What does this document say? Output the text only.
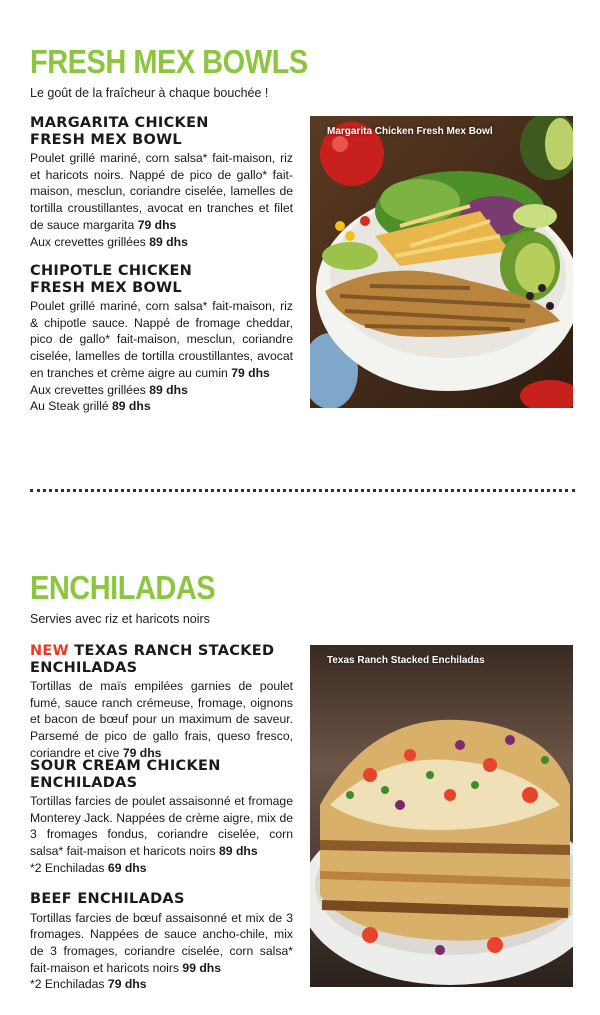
FRESH MEX BOWLS
Le goût de la fraîcheur à chaque bouchée !
MARGARITA CHICKEN
FRESH MEX BOWL

Poulet grillé mariné, corn salsa* fait-maison, riz et haricots noirs. Nappé de pico de gallo* fait-maison, mesclun, coriandre ciselée, lamelles de tortilla croustillantes, avocat en tranches et filet de sauce margarita 79 dhs

Aux crevettes grillées 89 dhs
CHIPOTLE CHICKEN
FRESH MEX BOWL

Poulet grillé mariné, corn salsa* fait-maison, riz & chipotle sauce. Nappé de fromage cheddar, pico de gallo* fait-maison, mesclun, coriandre ciselée, lamelles de tortilla croustillantes, avocat en tranches et crème aigre au cumin 79 dhs

Aux crevettes grillées 89 dhs
Au Steak grillé 89 dhs
Margarita Chicken Fresh Mex Bowl
ENCHILADAS
Servies avec riz et haricots noirs
NEW TEXAS RANCH STACKED
ENCHILADAS

Tortillas de maïs empilées garnies de poulet fumé, sauce ranch crémeuse, fromage, oignons et bacon de bœuf pour un maximum de saveur. Parsemé de pico de gallo frais, queso fresco, coriandre et cive 79 dhs

SOUR CREAM CHICKEN
ENCHILADAS

Tortillas farcies de poulet assaisonné et fromage Monterey Jack. Nappées de crème aigre, mix de 3 fromages fondus, coriandre ciselée, corn salsa* fait-maison et haricots noirs 89 dhs

*2 Enchiladas 69 dhs
BEEF ENCHILADAS

Tortillas farcies de bœuf assaisonné et mix de 3 fromages. Nappées de sauce ancho-chile, mix de 3 fromages, coriandre ciselée, corn salsa* fait-maison et haricots noirs 99 dhs

*2 Enchiladas 79 dhs
Texas Ranch Stacked Enchiladas
